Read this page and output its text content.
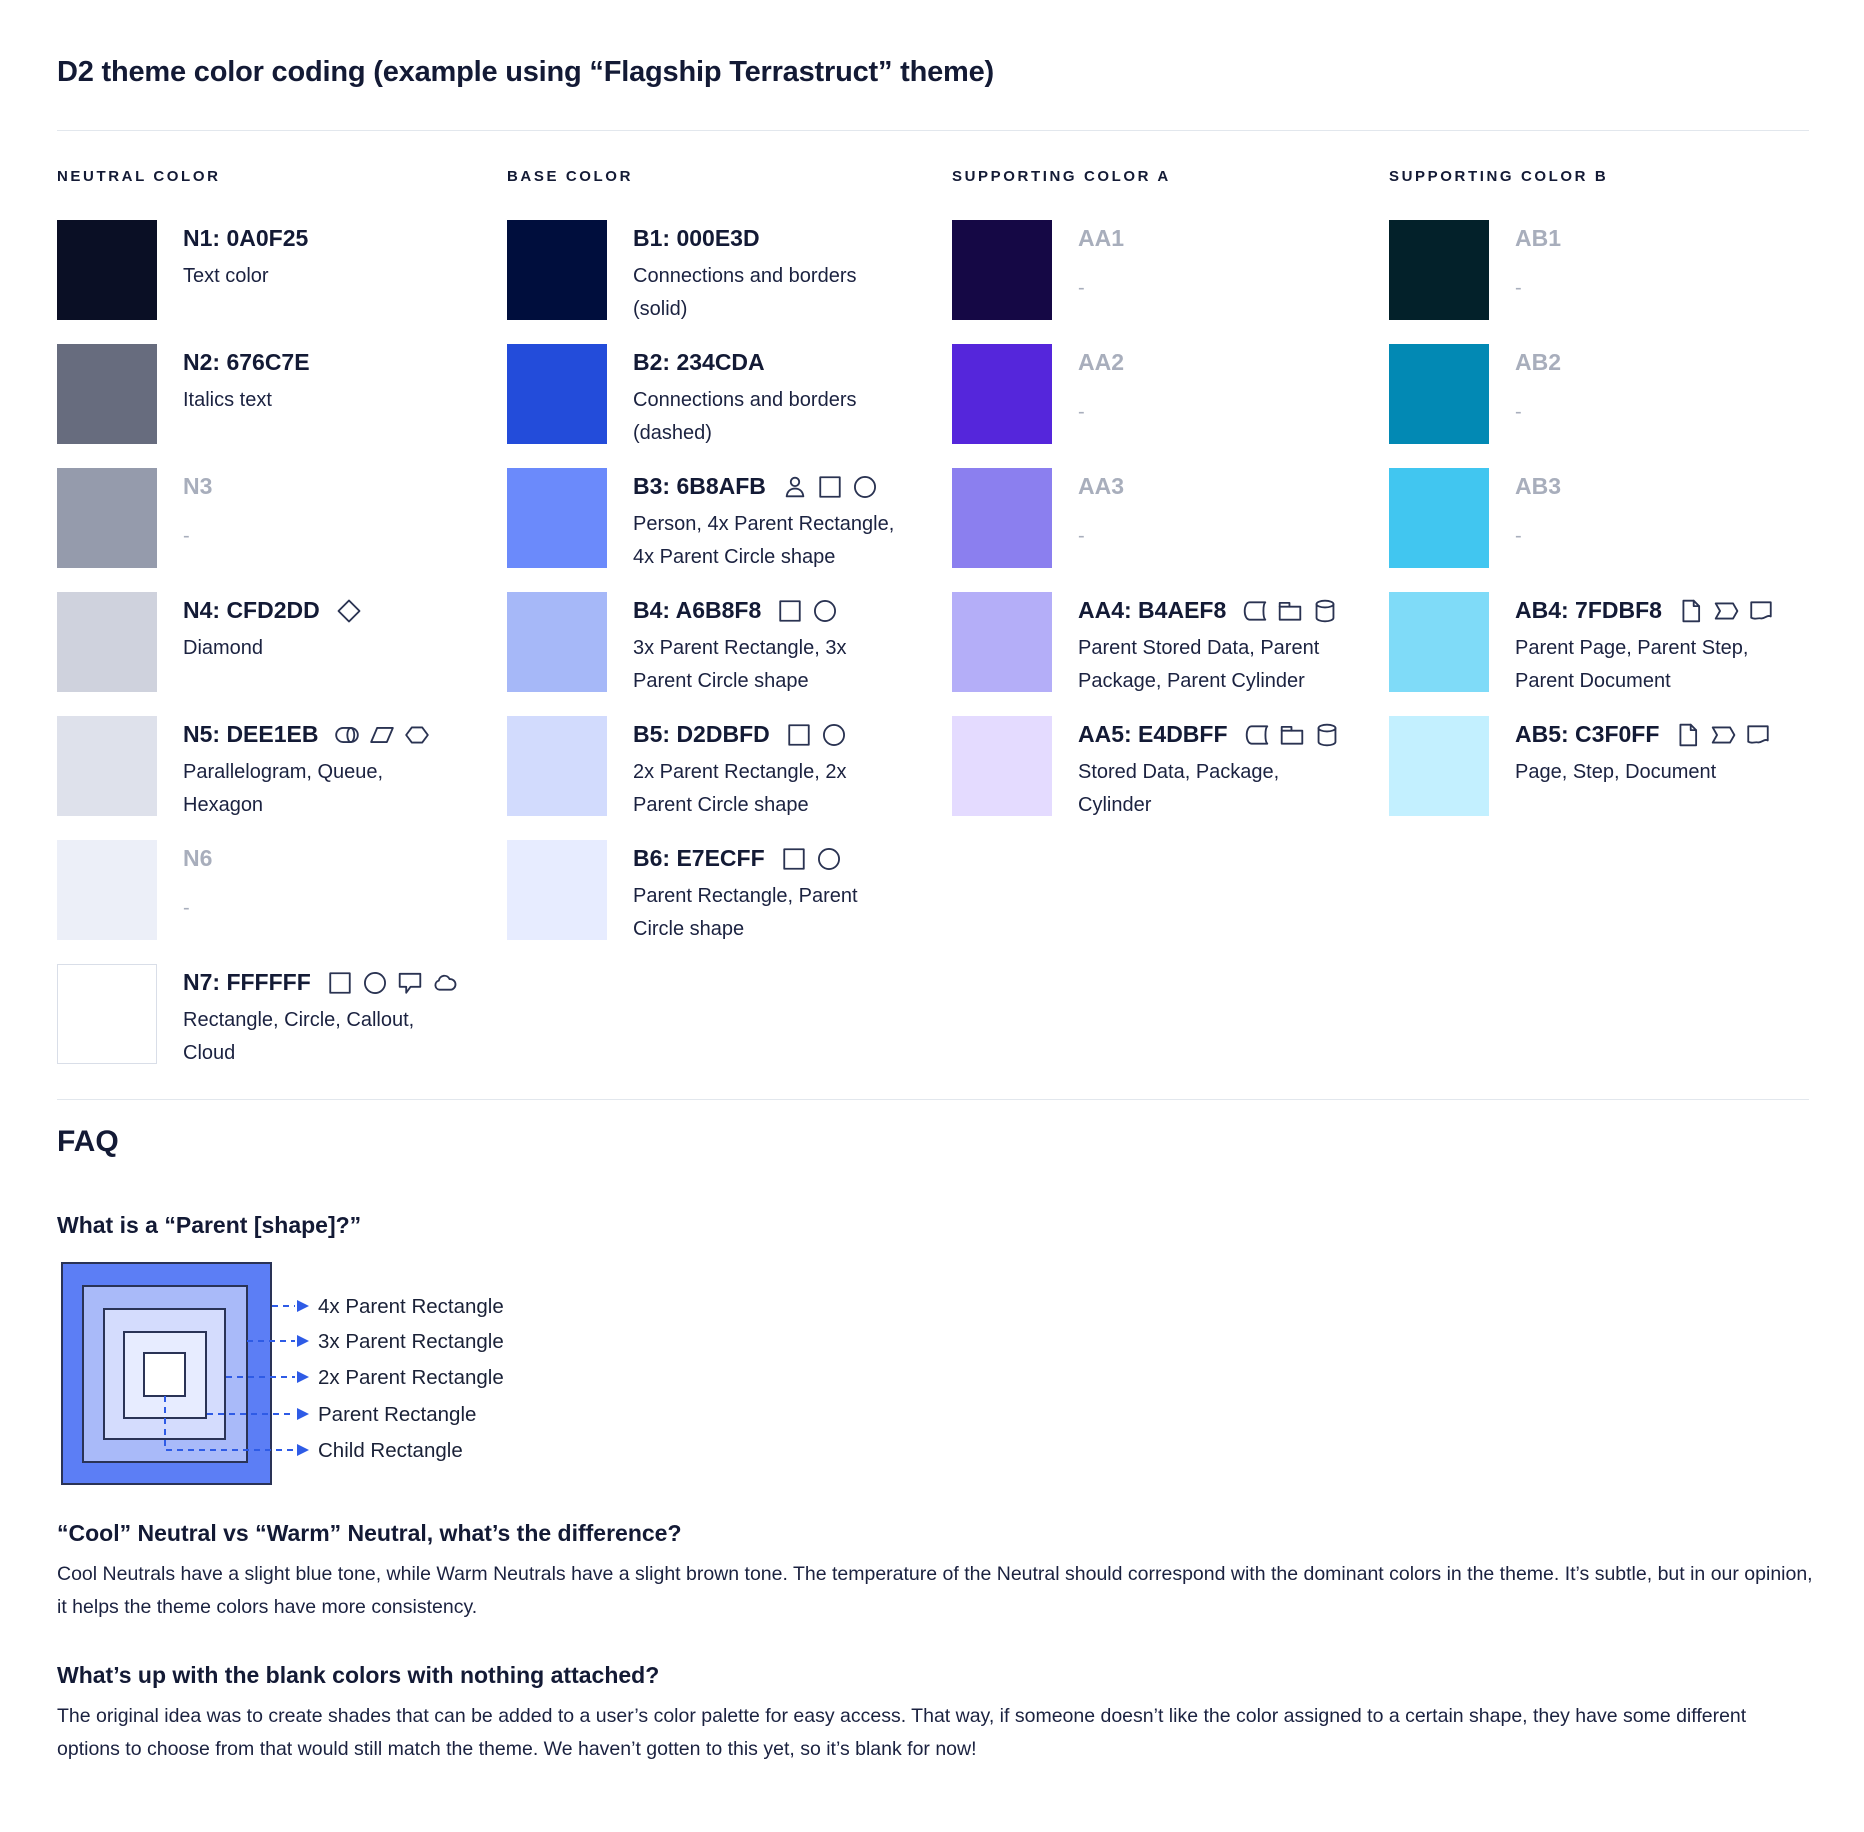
D2 theme color coding (example using “Flagship Terrastruct” theme)
NEUTRAL COLOR
N1: 0A0F25
Text color
N2: 676C7E
Italics text
N3
-
N4: CFD2DD
Diamond
N5: DEE1EB
Parallelogram, Queue,
Hexagon
N6
-
N7: FFFFFF
Rectangle, Circle, Callout,
Cloud
BASE COLOR
B1: 000E3D
Connections and borders
(solid)
B2: 234CDA
Connections and borders
(dashed)
B3: 6B8AFB
Person, 4x Parent Rectangle,
4x Parent Circle shape
B4: A6B8F8
3x Parent Rectangle, 3x
Parent Circle shape
B5: D2DBFD
2x Parent Rectangle, 2x
Parent Circle shape
B6: E7ECFF
Parent Rectangle, Parent
Circle shape
SUPPORTING COLOR A
AA1
-
AA2
-
AA3
-
AA4: B4AEF8
Parent Stored Data, Parent
Package, Parent Cylinder
AA5: E4DBFF
Stored Data, Package,
Cylinder
SUPPORTING COLOR B
AB1
-
AB2
-
AB3
-
AB4: 7FDBF8
Parent Page, Parent Step,
Parent Document
AB5: C3F0FF
Page, Step, Document
FAQ
What is a “Parent [shape]?”
4x Parent Rectangle
3x Parent Rectangle
2x Parent Rectangle
Parent Rectangle
Child Rectangle
“Cool” Neutral vs “Warm” Neutral, what’s the difference?

Cool Neutrals have a slight blue tone, while Warm Neutrals have a slight brown tone. The temperature of the Neutral should correspond with the dominant colors in the theme. It’s subtle, but in our opinion, it helps the theme colors have more consistency.

What’s up with the blank colors with nothing attached?

The original idea was to create shades that can be added to a user’s color palette for easy access. That way, if someone doesn’t like the color assigned to a certain shape, they have some different options to choose from that would still match the theme. We haven’t gotten to this yet, so it’s blank for now!
